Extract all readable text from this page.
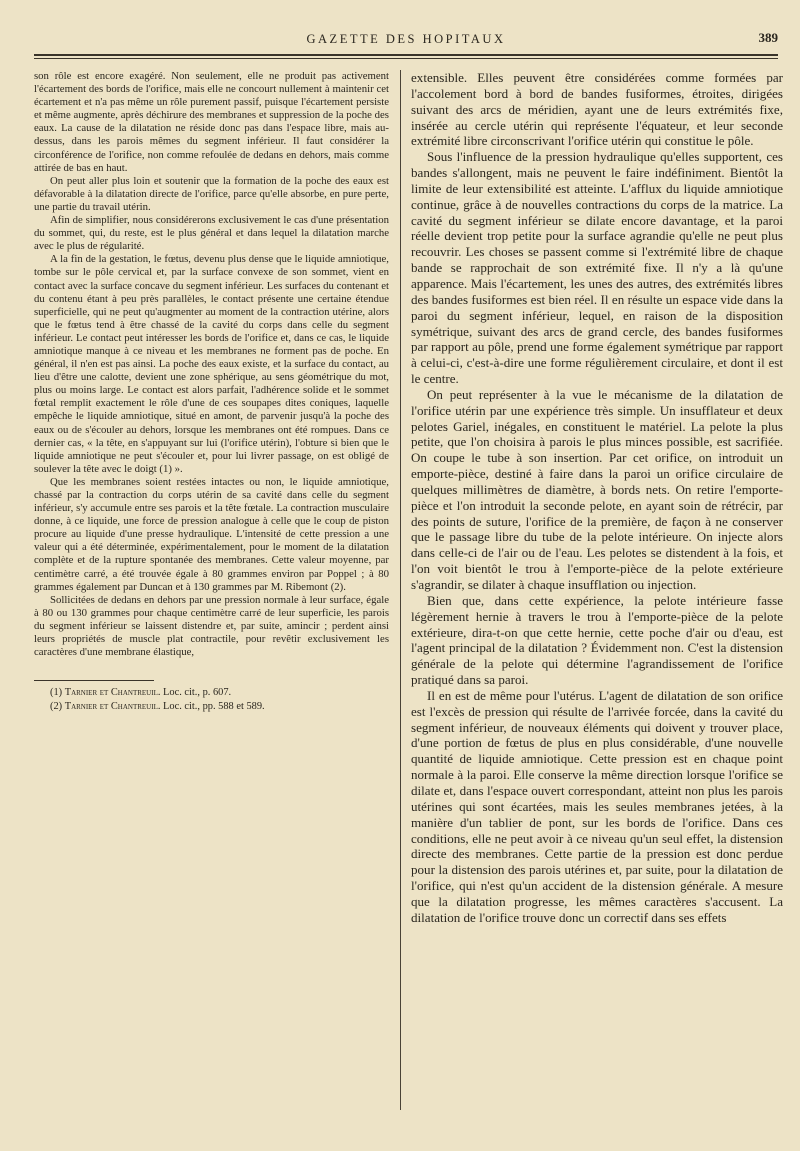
GAZETTE DES HOPITAUX	389

son rôle est encore exagéré. Non seulement, elle ne produit pas activement l'écartement des bords de l'orifice, mais elle ne concourt nullement à maintenir cet écartement et n'a pas même un rôle purement passif, puisque l'écartement persiste et même augmente, après déchirure des membranes et suppression de la poche des eaux. La cause de la dilatation ne réside donc pas dans l'espace libre, mais au-dessus, dans les parois mêmes du segment inférieur. Il faut considérer la circonférence de l'orifice, non comme refoulée de dedans en dehors, mais comme attirée de bas en haut.

On peut aller plus loin et soutenir que la formation de la poche des eaux est défavorable à la dilatation directe de l'orifice, parce qu'elle absorbe, en pure perte, une partie du travail utérin.

Afin de simplifier, nous considérerons exclusivement le cas d'une présentation du sommet, qui, du reste, est le plus général et dans lequel la dilatation marche avec le plus de régularité.

A la fin de la gestation, le fœtus, devenu plus dense que le liquide amniotique, tombe sur le pôle cervical et, par la surface convexe de son sommet, vient en contact avec la surface concave du segment inférieur. Les surfaces du contenant et du contenu étant à peu près parallèles, le contact présente une certaine étendue superficielle, qui ne peut qu'augmenter au moment de la contraction utérine, alors que le fœtus tend à être chassé de la cavité du corps dans celle du segment inférieur. Le contact peut intéresser les bords de l'orifice et, dans ce cas, le liquide amniotique manque à ce niveau et les membranes ne forment pas de poche. En général, il n'en est pas ainsi. La poche des eaux existe, et la surface du contact, au lieu d'être une calotte, devient une zone sphérique, au sens géométrique du mot, plus ou moins large. Le contact est alors parfait, l'adhérence solide et le sommet fœtal remplit exactement le rôle d'une de ces soupapes dites coniques, laquelle empêche le liquide amniotique, situé en amont, de parvenir jusqu'à la poche des eaux ou de s'écouler au dehors, lorsque les membranes ont été rompues. Dans ce dernier cas, « la tête, en s'appuyant sur lui (l'orifice utérin), l'obture si bien que le liquide amniotique ne peut s'écouler et, pour lui livrer passage, on est obligé de soulever la tête avec le doigt (1) ».

Que les membranes soient restées intactes ou non, le liquide amniotique, chassé par la contraction du corps utérin de sa cavité dans celle du segment inférieur, s'y accumule entre ses parois et la tête fœtale. La contraction musculaire donne, à ce liquide, une force de pression analogue à celle que le coup de piston procure au liquide d'une presse hydraulique. L'intensité de cette pression a une valeur qui a été déterminée, expérimentalement, pour le moment de la dilatation complète et de la rupture spontanée des membranes. Cette valeur moyenne, par centimètre carré, a été trouvée égale à 80 grammes environ par Poppel ; à 80 grammes également par Duncan et à 130 grammes par M. Ribemont (2).

Sollicitées de dedans en dehors par une pression normale à leur surface, égale à 80 ou 130 grammes pour chaque centimètre carré de leur superficie, les parois du segment inférieur se laissent distendre et, par suite, amincir ; perdent ainsi leurs propriétés de muscle plat contractile, pour revêtir exclusivement les caractères d'une membrane élastique,

(1) Tarnier et Chantreuil. Loc. cit., p. 607.
(2) Tarnier et Chantreuil. Loc. cit., pp. 588 et 589.

extensible. Elles peuvent être considérées comme formées par l'accolement bord à bord de bandes fusiformes, étroites, dirigées suivant des arcs de méridien, ayant une de leurs extrémités fixe, insérée au cercle utérin qui représente l'équateur, et leur seconde extrémité libre circonscrivant l'orifice utérin qui constitue le pôle.

Sous l'influence de la pression hydraulique qu'elles supportent, ces bandes s'allongent, mais ne peuvent le faire indéfiniment. Bientôt la limite de leur extensibilité est atteinte. L'afflux du liquide amniotique continue, grâce à de nouvelles contractions du corps de la matrice. La cavité du segment inférieur se dilate encore davantage, et la paroi réelle devient trop petite pour la surface agrandie qu'elle ne peut plus recouvrir. Les choses se passent comme si l'extrémité libre de chaque bande se rapprochait de son extrémité fixe. Il n'y a là qu'une apparence. Mais l'écartement, les unes des autres, des extrémités libres des bandes fusiformes est bien réel. Il en résulte un espace vide dans la paroi du segment inférieur, lequel, en raison de la disposition symétrique, suivant des arcs de grand cercle, des bandes fusiformes par rapport au pôle, prend une forme également symétrique par rapport à celui-ci, c'est-à-dire une forme régulièrement circulaire, et dont il est le centre.

On peut représenter à la vue le mécanisme de la dilatation de l'orifice utérin par une expérience très simple. Un insufflateur et deux pelotes Gariel, inégales, en constituent le matériel. La pelote la plus petite, que l'on choisira à parois le plus minces possible, est sacrifiée. On coupe le tube à son insertion. Par cet orifice, on introduit un emporte-pièce, destiné à faire dans la paroi un orifice circulaire de quelques millimètres de diamètre, à bords nets. On retire l'emporte-pièce et l'on introduit la seconde pelote, en ayant soin de rétrécir, par des points de suture, l'orifice de la première, de façon à ne conserver que le passage libre du tube de la pelote intérieure. On injecte alors dans celle-ci de l'air ou de l'eau. Les pelotes se distendent à la fois, et l'on voit bientôt le trou à l'emporte-pièce de la pelote extérieure s'agrandir, se dilater à chaque insufflation ou injection.

Bien que, dans cette expérience, la pelote intérieure fasse légèrement hernie à travers le trou à l'emporte-pièce de la pelote extérieure, dira-t-on que cette hernie, cette poche d'air ou d'eau, est l'agent principal de la dilatation ? Évidemment non. C'est la distension générale de la pelote qui détermine l'agrandissement de l'orifice pratiqué dans sa paroi.

Il en est de même pour l'utérus. L'agent de dilatation de son orifice est l'excès de pression qui résulte de l'arrivée forcée, dans la cavité du segment inférieur, de nouveaux éléments qui doivent y trouver place, d'une portion de fœtus de plus en plus considérable, d'une nouvelle quantité de liquide amniotique. Cette pression est en chaque point normale à la paroi. Elle conserve la même direction lorsque l'orifice se dilate et, dans l'espace ouvert correspondant, atteint non plus les parois utérines qui sont écartées, mais les seules membranes jetées, à la manière d'un tablier de pont, sur les bords de l'orifice. Dans ces conditions, elle ne peut avoir à ce niveau qu'un seul effet, la distension directe des membranes. Cette partie de la pression est donc perdue pour la distension des parois utérines et, par suite, pour la dilatation de l'orifice, qui n'est qu'un accident de la distension générale. A mesure que la dilatation progresse, les mêmes caractères s'accusent. La dilatation de l'orifice trouve donc un correctif dans ses effets
